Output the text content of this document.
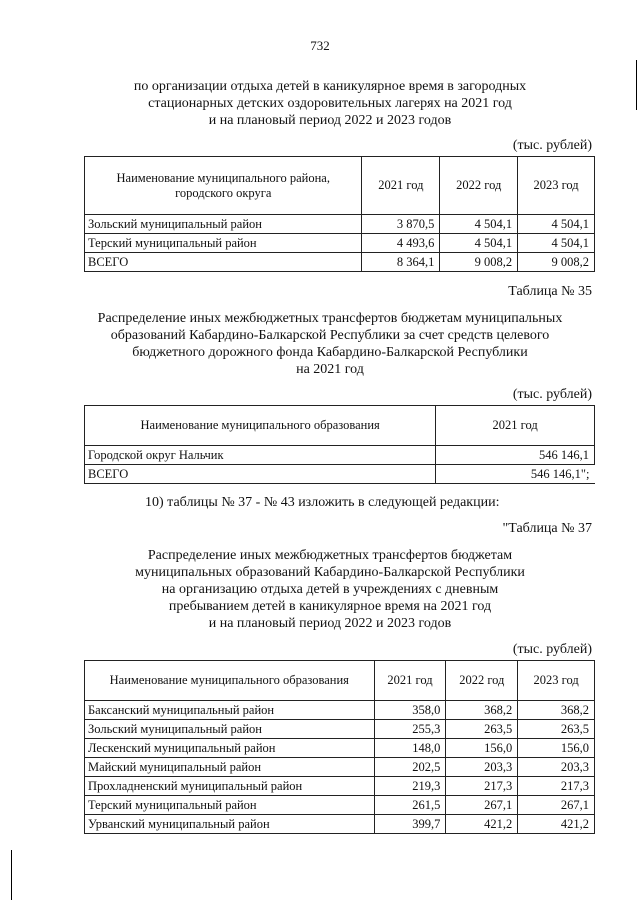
732
по организации отдыха детей в каникулярное время в загородных
стационарных детских оздоровительных лагерях на 2021 год
и на плановый период 2022 и 2023 годов
(тыс. рублей)
Наименование муниципального района, городского округа	2021 год	2022 год	2023 год
Зольский муниципальный район	3 870,5	4 504,1	4 504,1
Терский муниципальный район	4 493,6	4 504,1	4 504,1
ВСЕГО	8 364,1	9 008,2	9 008,2
Таблица № 35
Распределение иных межбюджетных трансфертов бюджетам муниципальных
образований Кабардино-Балкарской Республики за счет средств целевого
бюджетного дорожного фонда Кабардино-Балкарской Республики
на 2021 год
(тыс. рублей)
Наименование муниципального образования	2021 год
Городской округ Нальчик	546 146,1
ВСЕГО	546 146,1";
10) таблицы № 37 - № 43 изложить в следующей редакции:
"Таблица № 37
Распределение иных межбюджетных трансфертов бюджетам
муниципальных образований Кабардино-Балкарской Республики
на организацию отдыха детей в учреждениях с дневным
пребыванием детей в каникулярное время на 2021 год
и на плановый период 2022 и 2023 годов
(тыс. рублей)
Наименование муниципального образования	2021 год	2022 год	2023 год
Баксанский муниципальный район	358,0	368,2	368,2
Зольский муниципальный район	255,3	263,5	263,5
Лескенский муниципальный район	148,0	156,0	156,0
Майский муниципальный район	202,5	203,3	203,3
Прохладненский муниципальный район	219,3	217,3	217,3
Терский муниципальный район	261,5	267,1	267,1
Урванский муниципальный район	399,7	421,2	421,2
